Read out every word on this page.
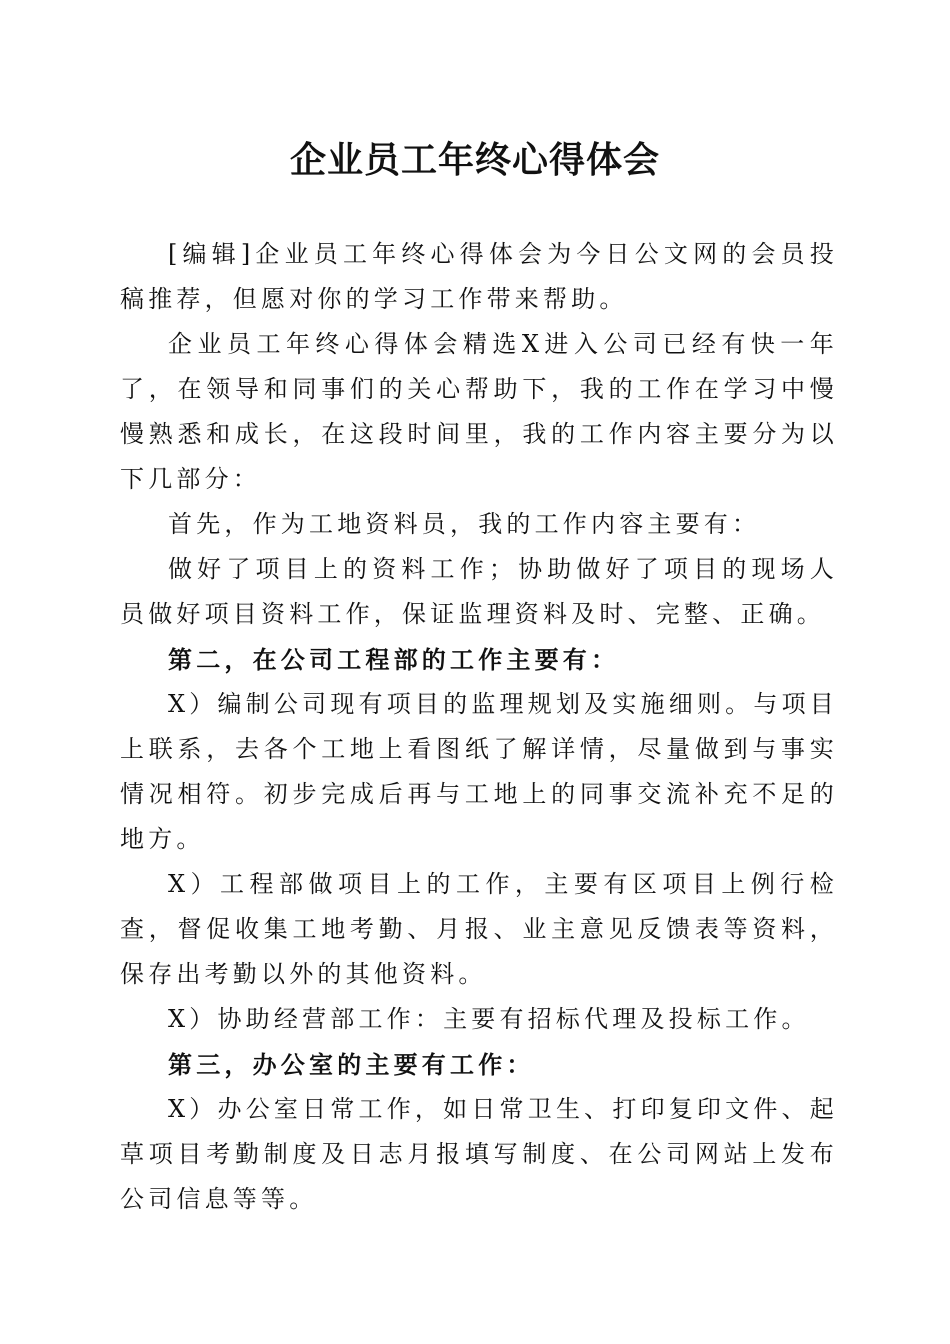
企业员工年终心得体会

[编辑]企业员工年终心得体会为今日公文网的会员投稿推荐，但愿对你的学习工作带来帮助。

企业员工年终心得体会精选X进入公司已经有快一年了，在领导和同事们的关心帮助下，我的工作在学习中慢慢熟悉和成长，在这段时间里，我的工作内容主要分为以下几部分：

首先，作为工地资料员，我的工作内容主要有：

做好了项目上的资料工作；协助做好了项目的现场人员做好项目资料工作，保证监理资料及时、完整、正确。

第二，在公司工程部的工作主要有：

X）编制公司现有项目的监理规划及实施细则。与项目上联系，去各个工地上看图纸了解详情，尽量做到与事实情况相符。初步完成后再与工地上的同事交流补充不足的地方。

X）工程部做项目上的工作，主要有区项目上例行检查，督促收集工地考勤、月报、业主意见反馈表等资料，保存出考勤以外的其他资料。

X）协助经营部工作：主要有招标代理及投标工作。

第三，办公室的主要有工作：

X）办公室日常工作，如日常卫生、打印复印文件、起草项目考勤制度及日志月报填写制度、在公司网站上发布公司信息等等。
